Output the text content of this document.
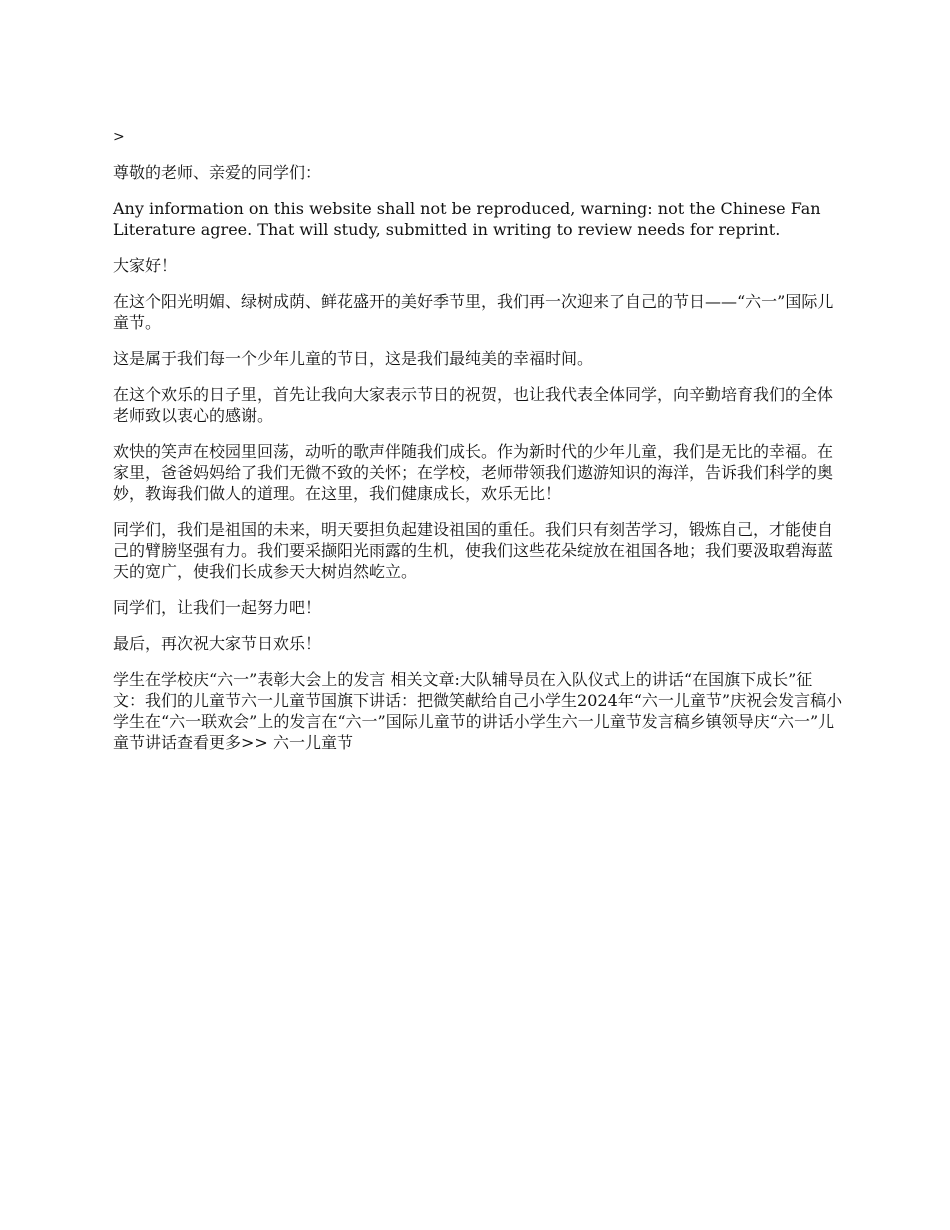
>

尊敬的老师、亲爱的同学们：

Any information on this website shall not be reproduced, warning: not the Chinese Fan Literature agree. That will study, submitted in writing to review needs for reprint.

大家好！

在这个阳光明媚、绿树成荫、鲜花盛开的美好季节里，我们再一次迎来了自己的节日——“六一”国际儿童节。

这是属于我们每一个少年儿童的节日，这是我们最纯美的幸福时间。

在这个欢乐的日子里，首先让我向大家表示节日的祝贺，也让我代表全体同学，向辛勤培育我们的全体老师致以衷心的感谢。

欢快的笑声在校园里回荡，动听的歌声伴随我们成长。作为新时代的少年儿童，我们是无比的幸福。在家里，爸爸妈妈给了我们无微不致的关怀；在学校，老师带领我们遨游知识的海洋，告诉我们科学的奥妙，教诲我们做人的道理。在这里，我们健康成长，欢乐无比！

同学们，我们是祖国的未来，明天要担负起建设祖国的重任。我们只有刻苦学习，锻炼自己，才能使自己的臂膀坚强有力。我们要采撷阳光雨露的生机，使我们这些花朵绽放在祖国各地；我们要汲取碧海蓝天的宽广，使我们长成参天大树岿然屹立。

同学们，让我们一起努力吧！

最后，再次祝大家节日欢乐！

学生在学校庆“六一”表彰大会上的发言 相关文章:大队辅导员在入队仪式上的讲话“在国旗下成长”征文：我们的儿童节六一儿童节国旗下讲话：把微笑献给自己小学生2024年“六一儿童节”庆祝会发言稿小学生在“六一联欢会”上的发言在“六一”国际儿童节的讲话小学生六一儿童节发言稿乡镇领导庆“六一”儿童节讲话查看更多>> 六一儿童节
